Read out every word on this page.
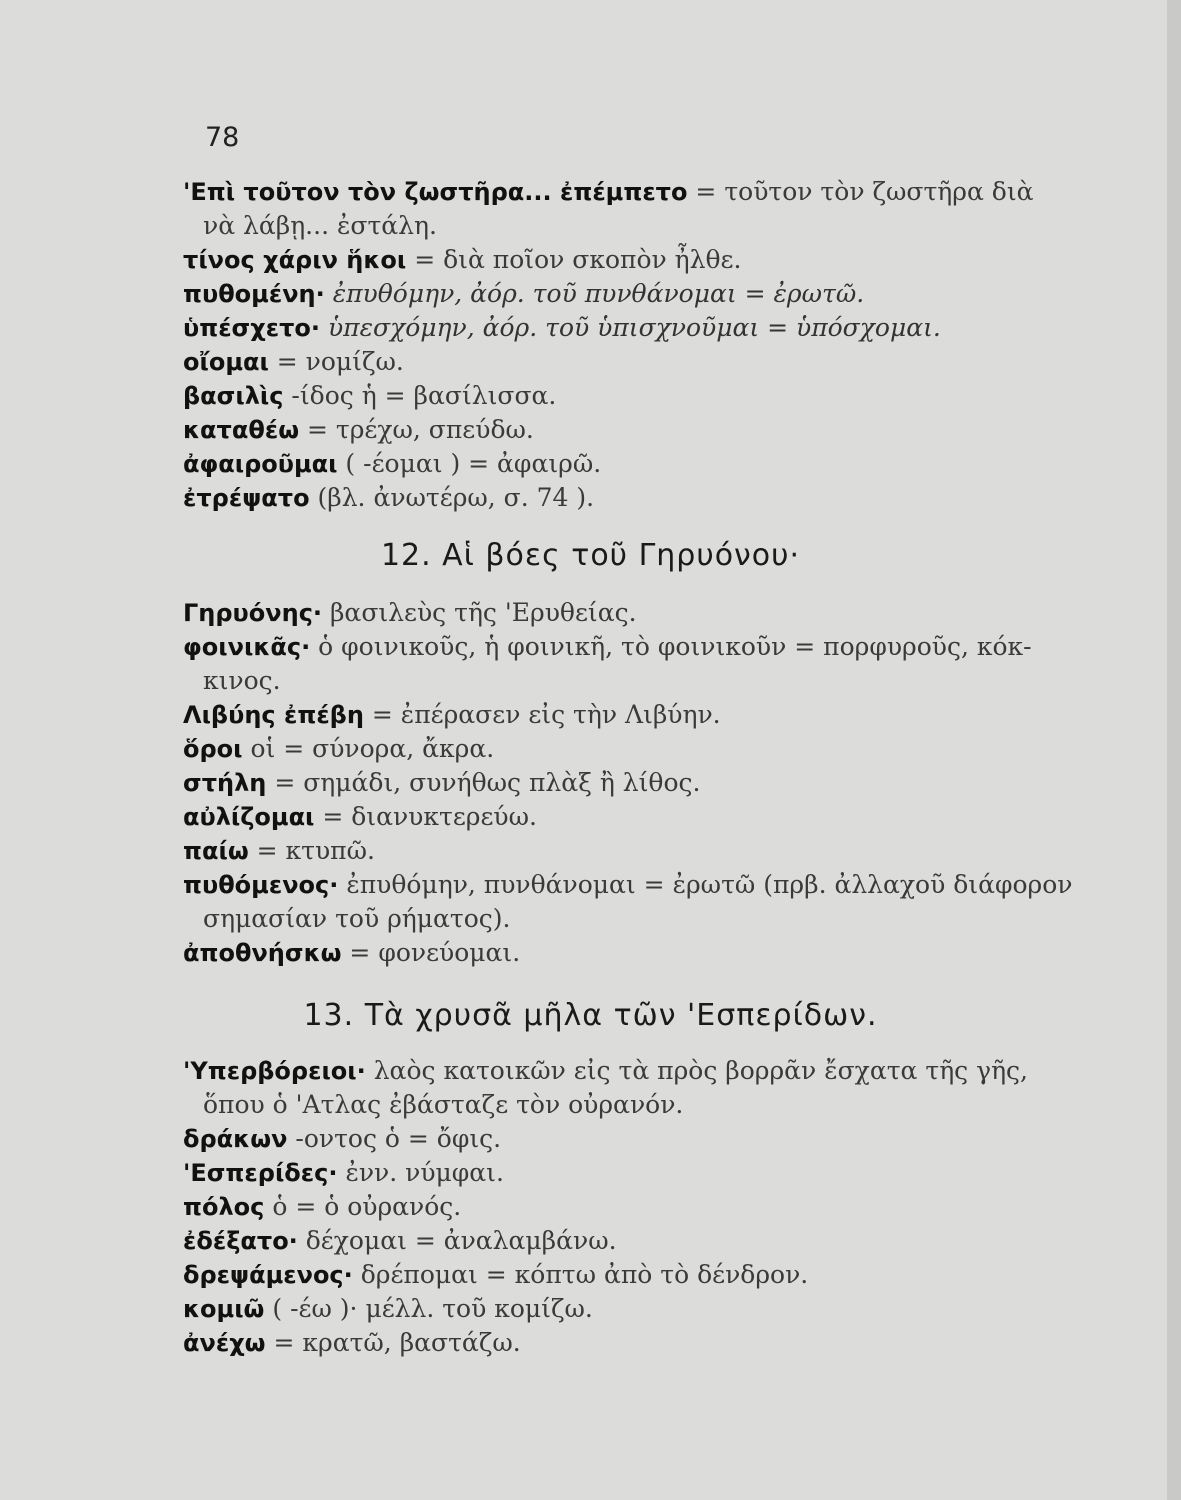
78
'Επὶ τοῦτον τὸν ζωστῆρα... ἐπέμπετο = τοῦτον τὸν ζωστῆρα διὰ
νὰ λάβῃ... ἐστάλη.
τίνος χάριν ἥκοι = διὰ ποῖον σκοπὸν ἦλθε.
πυθομένη· ἐπυθόμην, ἀόρ. τοῦ πυνθάνομαι = ἐρωτῶ.
ὑπέσχετο· ὑπεσχόμην, ἀόρ. τοῦ ὑπισχνοῦμαι = ὑπόσχομαι.
οἴομαι = νομίζω.
βασιλὶς -ίδος ἡ = βασίλισσα.
καταθέω = τρέχω, σπεύδω.
ἀφαιροῦμαι ( -έομαι ) = ἀφαιρῶ.
ἐτρέψατο (βλ. ἀνωτέρω, σ. 74 ).
12. Αἱ βόες τοῦ Γηρυόνου·
Γηρυόνης· βασιλεὺς τῆς 'Ερυθείας.
φοινικᾶς· ὁ φοινικοῦς, ἡ φοινικῆ, τὸ φοινικοῦν = πορφυροῦς, κόκ-
κινος.
Λιβύης ἐπέβη = ἐπέρασεν εἰς τὴν Λιβύην.
ὅροι οἱ = σύνορα, ἄκρα.
στήλη = σημάδι, συνήθως πλὰξ ἢ λίθος.
αὐλίζομαι = διανυκτερεύω.
παίω = κτυπῶ.
πυθόμενος· ἐπυθόμην, πυνθάνομαι = ἐρωτῶ (πρβ. ἀλλαχοῦ διάφορον
σημασίαν τοῦ ρήματος).
ἀποθνήσκω = φονεύομαι.
13. Τὰ χρυσᾶ μῆλα τῶν 'Εσπερίδων.
'Υπερβόρειοι· λαὸς κατοικῶν εἰς τὰ πρὸς βορρᾶν ἔσχατα τῆς γῆς,
ὅπου ὁ 'Ατλας ἐβάσταζε τὸν οὐρανόν.
δράκων -οντος ὁ = ὄφις.
'Εσπερίδες· ἐνν. νύμφαι.
πόλος ὁ = ὁ οὐρανός.
ἐδέξατο· δέχομαι = ἀναλαμβάνω.
δρεψάμενος· δρέπομαι = κόπτω ἀπὸ τὸ δένδρον.
κομιῶ ( -έω )· μέλλ. τοῦ κομίζω.
ἀνέχω = κρατῶ, βαστάζω.
